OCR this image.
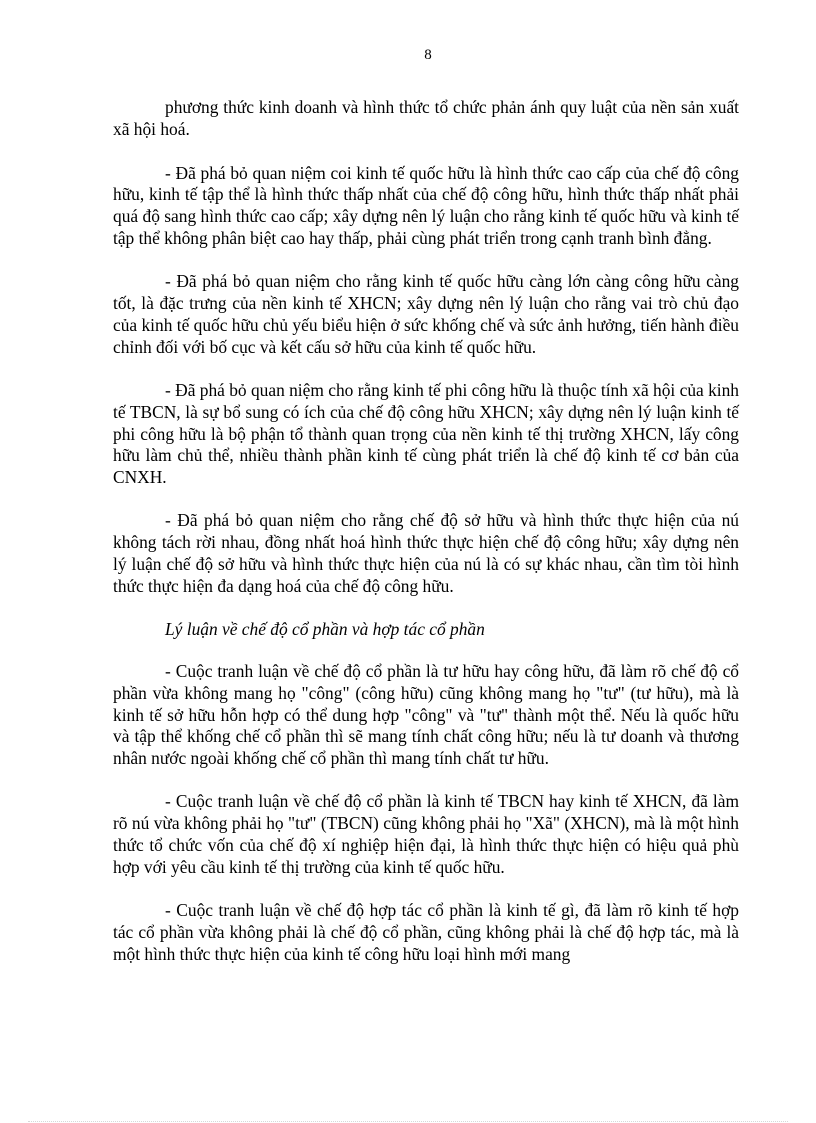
8

phương thức kinh doanh và hình thức tổ chức phản ánh quy luật của nền sản xuất xã hội hoá.

- Đã phá bỏ quan niệm coi kinh tế quốc hữu là hình thức cao cấp của chế độ công hữu, kinh tế tập thể là hình thức thấp nhất của chế độ công hữu, hình thức thấp nhất phải quá độ sang hình thức cao cấp; xây dựng nên lý luận cho rằng kinh tế quốc hữu và kinh tế tập thể không phân biệt cao hay thấp, phải cùng phát triển trong cạnh tranh bình đẳng.

- Đã phá bỏ quan niệm cho rằng kinh tế quốc hữu càng lớn càng công hữu càng tốt, là đặc trưng của nền kinh tế XHCN; xây dựng nên lý luận cho rằng vai trò chủ đạo của kinh tế quốc hữu chủ yếu biểu hiện ở sức khống chế và sức ảnh hưởng, tiến hành điều chỉnh đối với bố cục và kết cấu sở hữu của kinh tế quốc hữu.

- Đã phá bỏ quan niệm cho rằng kinh tế phi công hữu là thuộc tính xã hội của kinh tế TBCN, là sự bổ sung có ích của chế độ công hữu XHCN; xây dựng nên lý luận kinh tế phi công hữu là bộ phận tổ thành quan trọng của nền kinh tế thị trường XHCN, lấy công hữu làm chủ thể, nhiều thành phần kinh tế cùng phát triển là chế độ kinh tế cơ bản của CNXH.

- Đã phá bỏ quan niệm cho rằng chế độ sở hữu và hình thức thực hiện của nú không tách rời nhau, đồng nhất hoá hình thức thực hiện chế độ công hữu; xây dựng nên lý luận chế độ sở hữu và hình thức thực hiện của nú là có sự khác nhau, cần tìm tòi hình thức thực hiện đa dạng hoá của chế độ công hữu.

Lý luận về chế độ cổ phần và hợp tác cổ phần

- Cuộc tranh luận về chế độ cổ phần là tư hữu hay công hữu, đã làm rõ chế độ cổ phần vừa không mang họ "công" (công hữu) cũng không mang họ "tư" (tư hữu), mà là kinh tế sở hữu hỗn hợp có thể dung hợp "công" và "tư" thành một thể. Nếu là quốc hữu và tập thể khống chế cổ phần thì sẽ mang tính chất công hữu; nếu là tư doanh và thương nhân nước ngoài khống chế cổ phần thì mang tính chất tư hữu.

- Cuộc tranh luận về chế độ cổ phần là kinh tế TBCN hay kinh tế XHCN, đã làm rõ nú vừa không phải họ "tư" (TBCN) cũng không phải họ "Xã" (XHCN), mà là một hình thức tổ chức vốn của chế độ xí nghiệp hiện đại, là hình thức thực hiện có hiệu quả phù hợp với yêu cầu kinh tế thị trường của kinh tế quốc hữu.

- Cuộc tranh luận về chế độ hợp tác cổ phần là kinh tế gì, đã làm rõ kinh tế hợp tác cổ phần vừa không phải là chế độ cổ phần, cũng không phải là chế độ hợp tác, mà là một hình thức thực hiện của kinh tế công hữu loại hình mới mang
